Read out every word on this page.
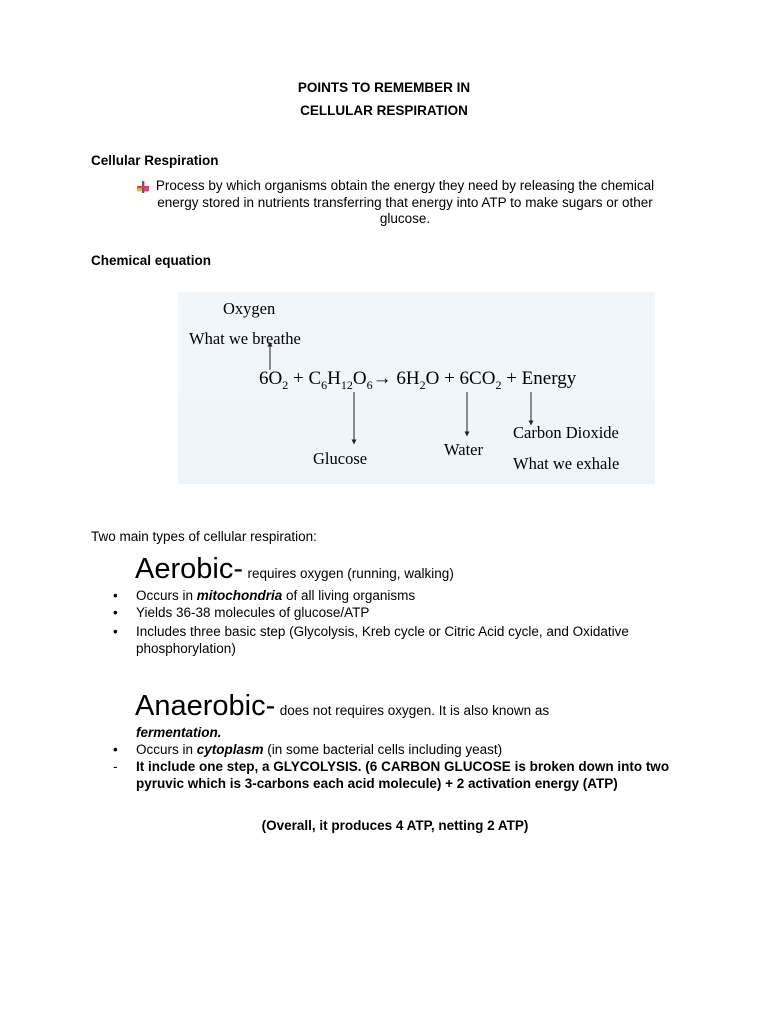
POINTS TO REMEMBER IN
CELLULAR RESPIRATION
Cellular Respiration
Process by which organisms obtain the energy they need by releasing the chemical energy stored in nutrients transferring that energy into ATP to make sugars or other glucose.
Chemical equation
Oxygen
What we breathe
$6O_2 + C_6H_{12}O_6\to 6H_2O + 6CO_2$ + Energy
Glucose	Water
Carbon Dioxide
What we exhale
Two main types of cellular respiration:
Aerobic- requires oxygen (running, walking)
•	Occurs in mitochondria of all living organisms
•	Yields 36-38 molecules of glucose/ATP
•	Includes three basic step (Glycolysis, Kreb cycle or Citric Acid cycle, and Oxidative phosphorylation)
Anaerobic- does not requires oxygen. It is also known as
fermentation.
•	Occurs in cytoplasm (in some bacterial cells including yeast)
-	It include one step, a GLYCOLYSIS. (6 CARBON GLUCOSE is broken down into two pyruvic which is 3-carbons each acid molecule) + 2 activation energy (ATP)
(Overall, it produces 4 ATP, netting 2 ATP)
